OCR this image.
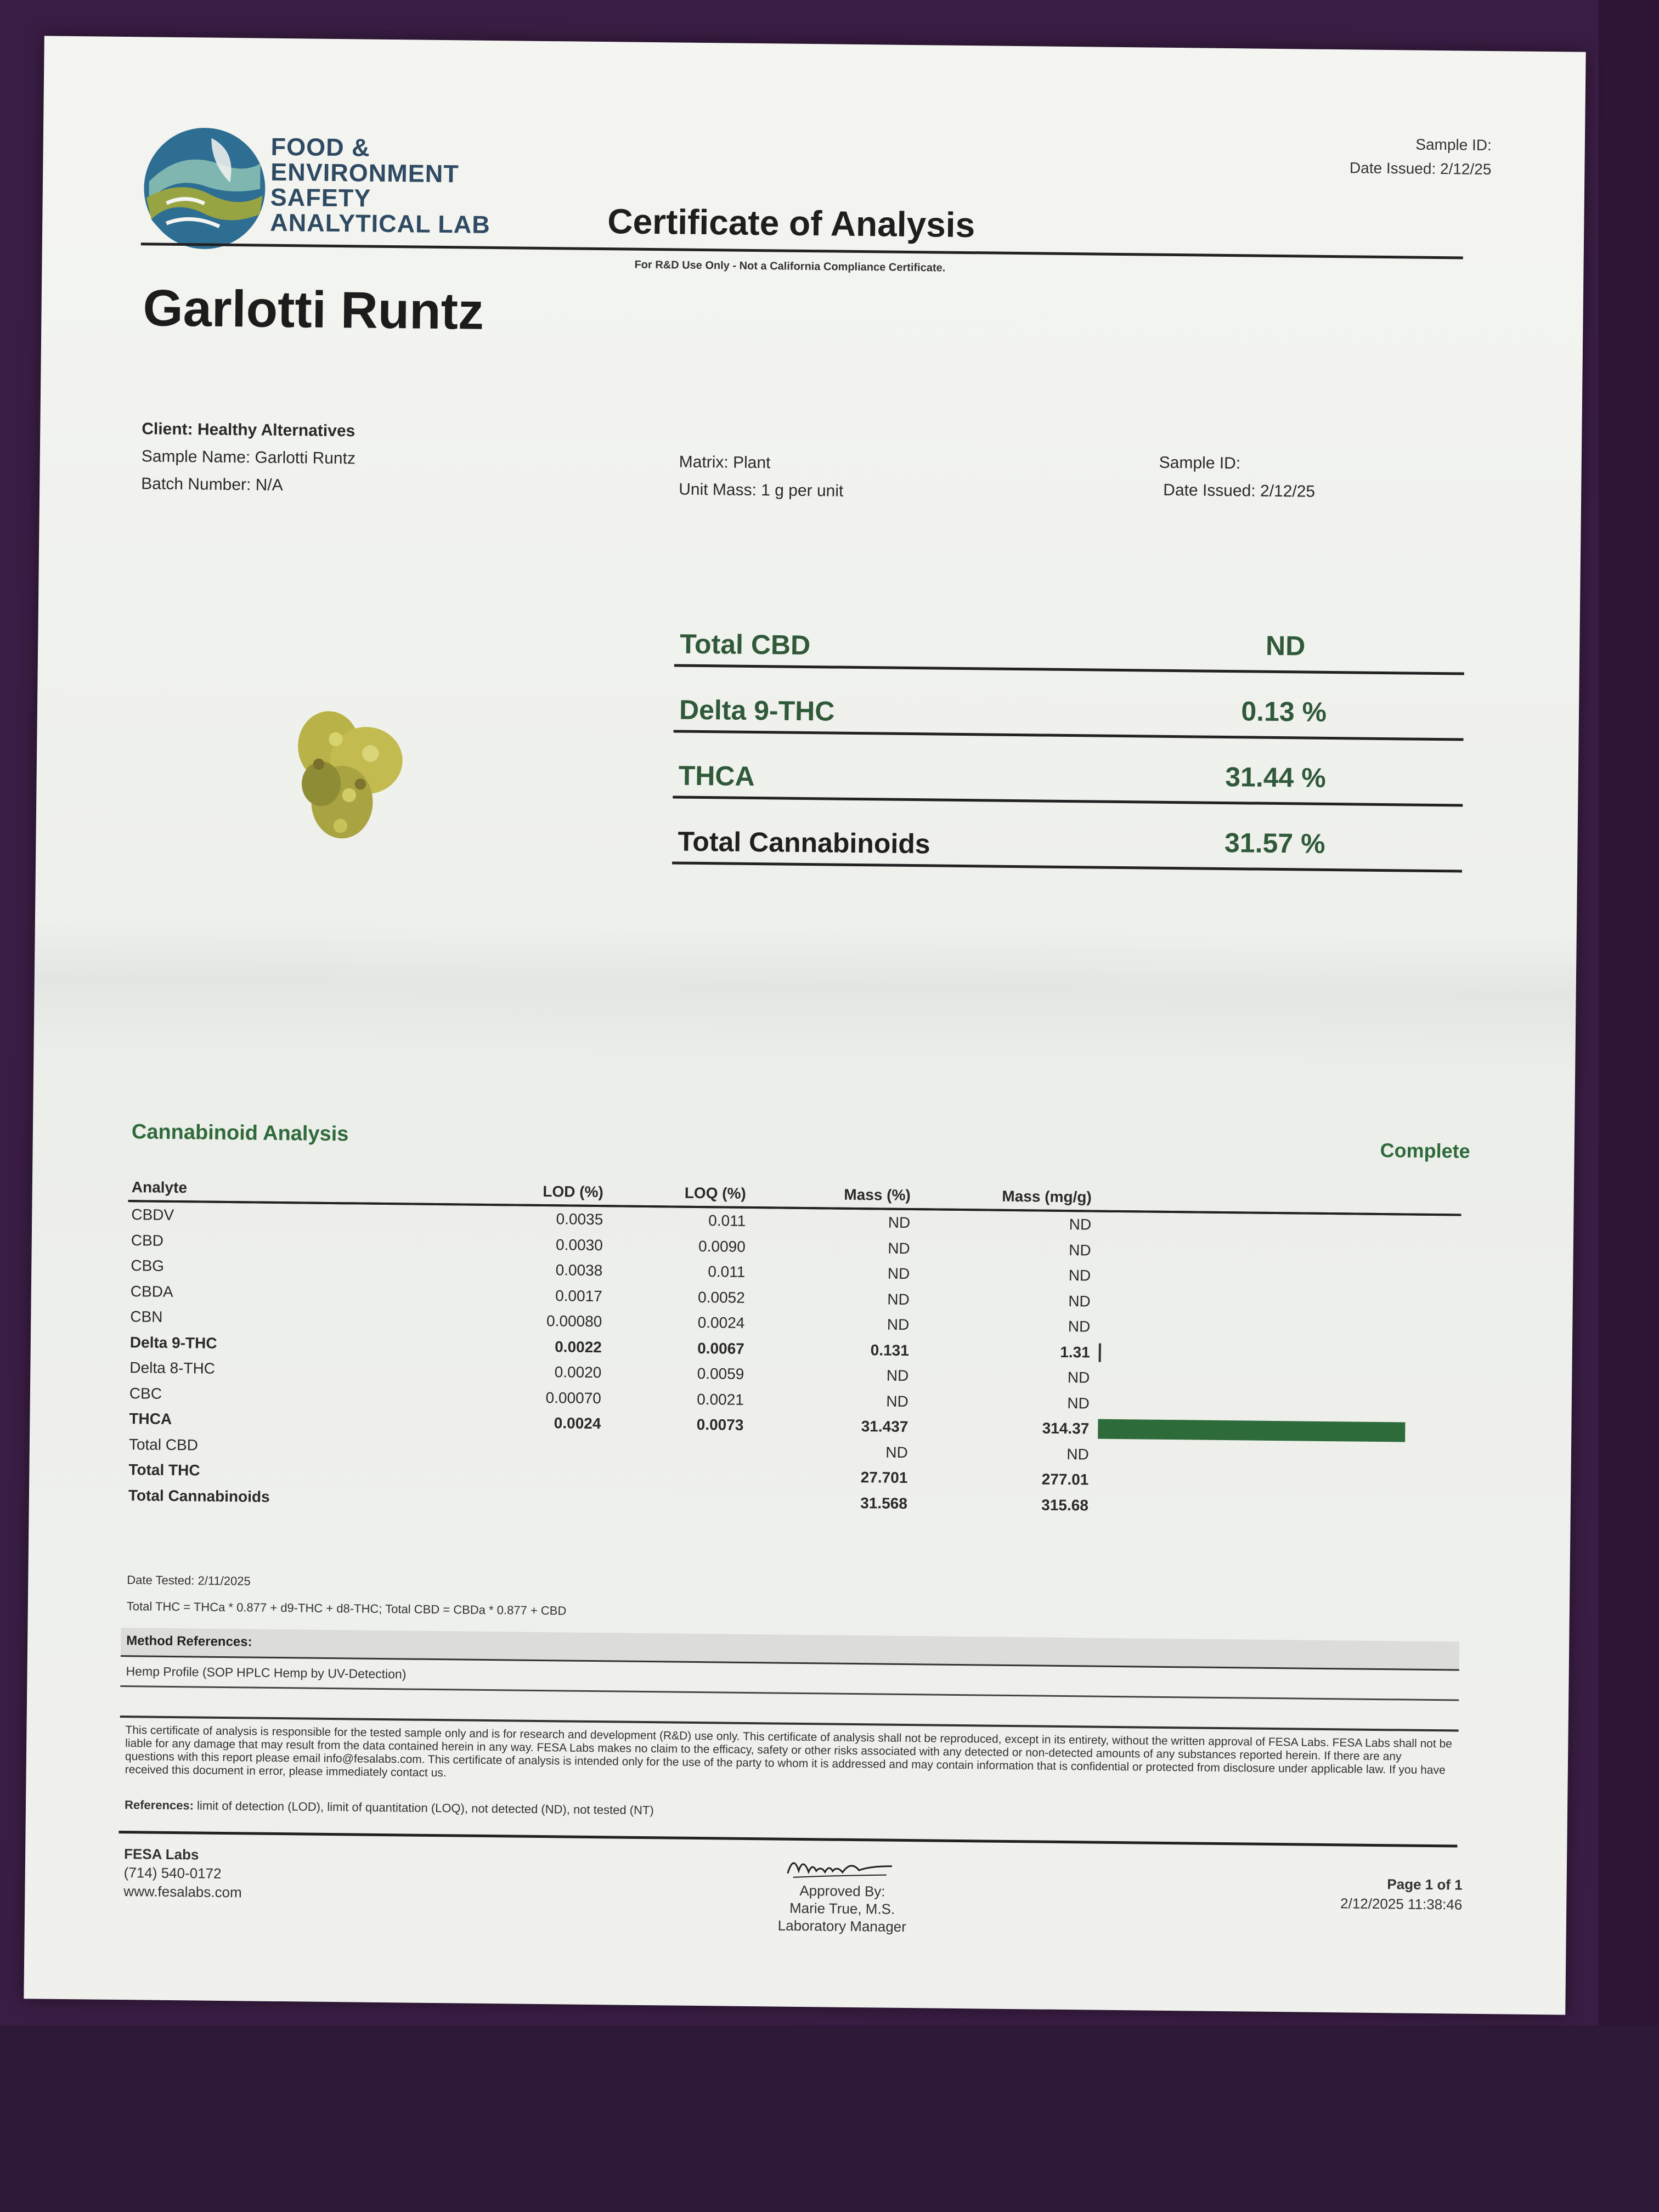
FOOD &
ENVIRONMENT
SAFETY
ANALYTICAL LAB	Certificate of Analysis
For R&D Use Only - Not a California Compliance Certificate.
Sample ID:
Date Issued: 2/12/25
Garlotti Runtz
Client: Healthy Alternatives
Sample Name: Garlotti Runtz
Batch Number: N/A
Matrix: Plant
Unit Mass: 1 g per unit
Sample ID:
Date Issued: 2/12/25
Total CBD	ND
Delta 9-THC	0.13 %
THCA	31.44 %
Total Cannabinoids	31.57 %
Cannabinoid Analysis
Complete
Analyte	LOD (%)	LOQ (%)	Mass (%)	Mass (mg/g)	
CBDV	0.0035	0.011	ND	ND	
CBD	0.0030	0.0090	ND	ND	
CBG	0.0038	0.011	ND	ND	
CBDA	0.0017	0.0052	ND	ND	
CBN	0.00080	0.0024	ND	ND	
Delta 9-THC	0.0022	0.0067	0.131	1.31	
Delta 8-THC	0.0020	0.0059	ND	ND	
CBC	0.00070	0.0021	ND	ND	
THCA	0.0024	0.0073	31.437	314.37	
Total CBD			ND	ND	
Total THC			27.701	277.01	
Total Cannabinoids			31.568	315.68	
Date Tested: 2/11/2025
Total THC = THCa * 0.877 + d9-THC + d8-THC; Total CBD = CBDa * 0.877 + CBD
Method References:
Hemp Profile (SOP HPLC Hemp by UV-Detection)
This certificate of analysis is responsible for the tested sample only and is for research and development (R&D) use only. This certificate of analysis shall not be reproduced, except in its entirety, without the written approval of FESA Labs. FESA Labs shall not be liable for any damage that may result from the data contained herein in any way. FESA Labs makes no claim to the efficacy, safety or other risks associated with any detected or non-detected amounts of any substances reported herein. If there are any questions with this report please email info@fesalabs.com. This certificate of analysis is intended only for the use of the party to whom it is addressed and may contain information that is confidential or protected from disclosure under applicable law. If you have received this document in error, please immediately contact us.
References: limit of detection (LOD), limit of quantitation (LOQ), not detected (ND), not tested (NT)
FESA Labs
(714) 540-0172
www.fesalabs.com	Approved By:
Marie True, M.S.
Laboratory Manager
Page 1 of 1
2/12/2025 11:38:46
